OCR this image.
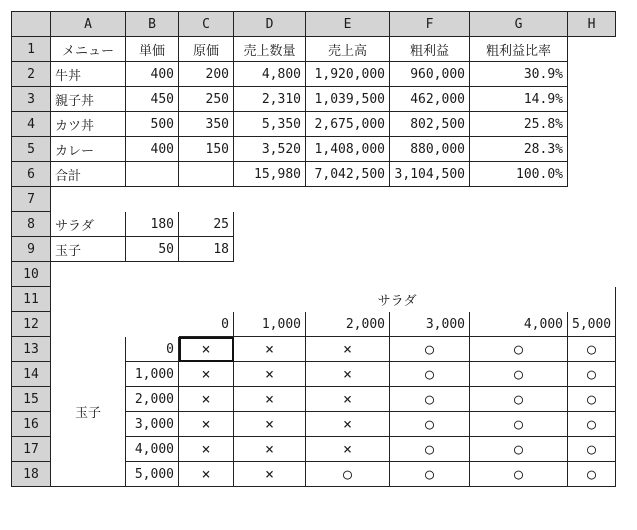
	A	B	C	D	E	F	G	H
1	メニュー	単価	原価	売上数量	売上高	粗利益	粗利益比率	
2	牛丼	400	200	4,800	1,920,000	960,000	30.9%	
3	親子丼	450	250	2,310	1,039,500	462,000	14.9%	
4	カツ丼	500	350	5,350	2,675,000	802,500	25.8%	
5	カレー	400	150	3,520	1,408,000	880,000	28.3%	
6	合計			15,980	7,042,500	3,104,500	100.0%	
7								
8	サラダ	180	25					
9	玉子	50	18					
10								
11			サラダ					
12			0	1,000	2,000	3,000	4,000	5,000
13	玉子	0	×	×	×	○	○	○
14		1,000	×	×	×	○	○	○
15		2,000	×	×	×	○	○	○
16		3,000	×	×	×	○	○	○
17		4,000	×	×	×	○	○	○
18		5,000	×	×	○	○	○	○
